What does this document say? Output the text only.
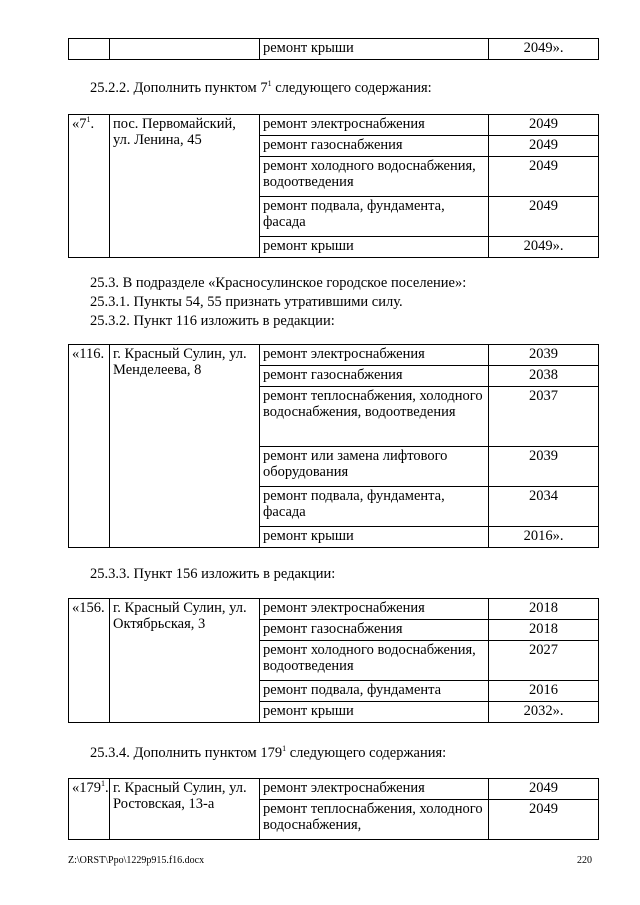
		ремонт крыши	2049».

25.2.2. Дополнить пунктом $7^1$ следующего содержания:

«$7^1$.	пос. Первомайский, ул. Ленина, 45	ремонт электроснабжения	2049
		ремонт газоснабжения	2049
		ремонт холодного водоснабжения, водоотведения	2049
		ремонт подвала, фундамента, фасада	2049
		ремонт крыши	2049».

25.3. В подразделе «Красносулинское городское поселение»:

25.3.1. Пункты 54, 55 признать утратившими силу.

25.3.2. Пункт 116 изложить в редакции:

«116.	г. Красный Сулин, ул. Менделеева, 8	ремонт электроснабжения	2039
		ремонт газоснабжения	2038
		ремонт теплоснабжения, холодного водоснабжения, водоотведения	2037
		ремонт или замена лифтового оборудования	2039
		ремонт подвала, фундамента, фасада	2034
		ремонт крыши	2016».

25.3.3. Пункт 156 изложить в редакции:

«156.	г. Красный Сулин, ул. Октябрьская, 3	ремонт электроснабжения	2018
		ремонт газоснабжения	2018
		ремонт холодного водоснабжения, водоотведения	2027
		ремонт подвала, фундамента	2016
		ремонт крыши	2032».

25.3.4. Дополнить пунктом $179^1$ следующего содержания:

«$179^1$.	г. Красный Сулин, ул. Ростовская, 13-а	ремонт электроснабжения	2049
		ремонт теплоснабжения, холодного водоснабжения,	2049
Z:\ORST\Ppo\1229p915.f16.docx	220
